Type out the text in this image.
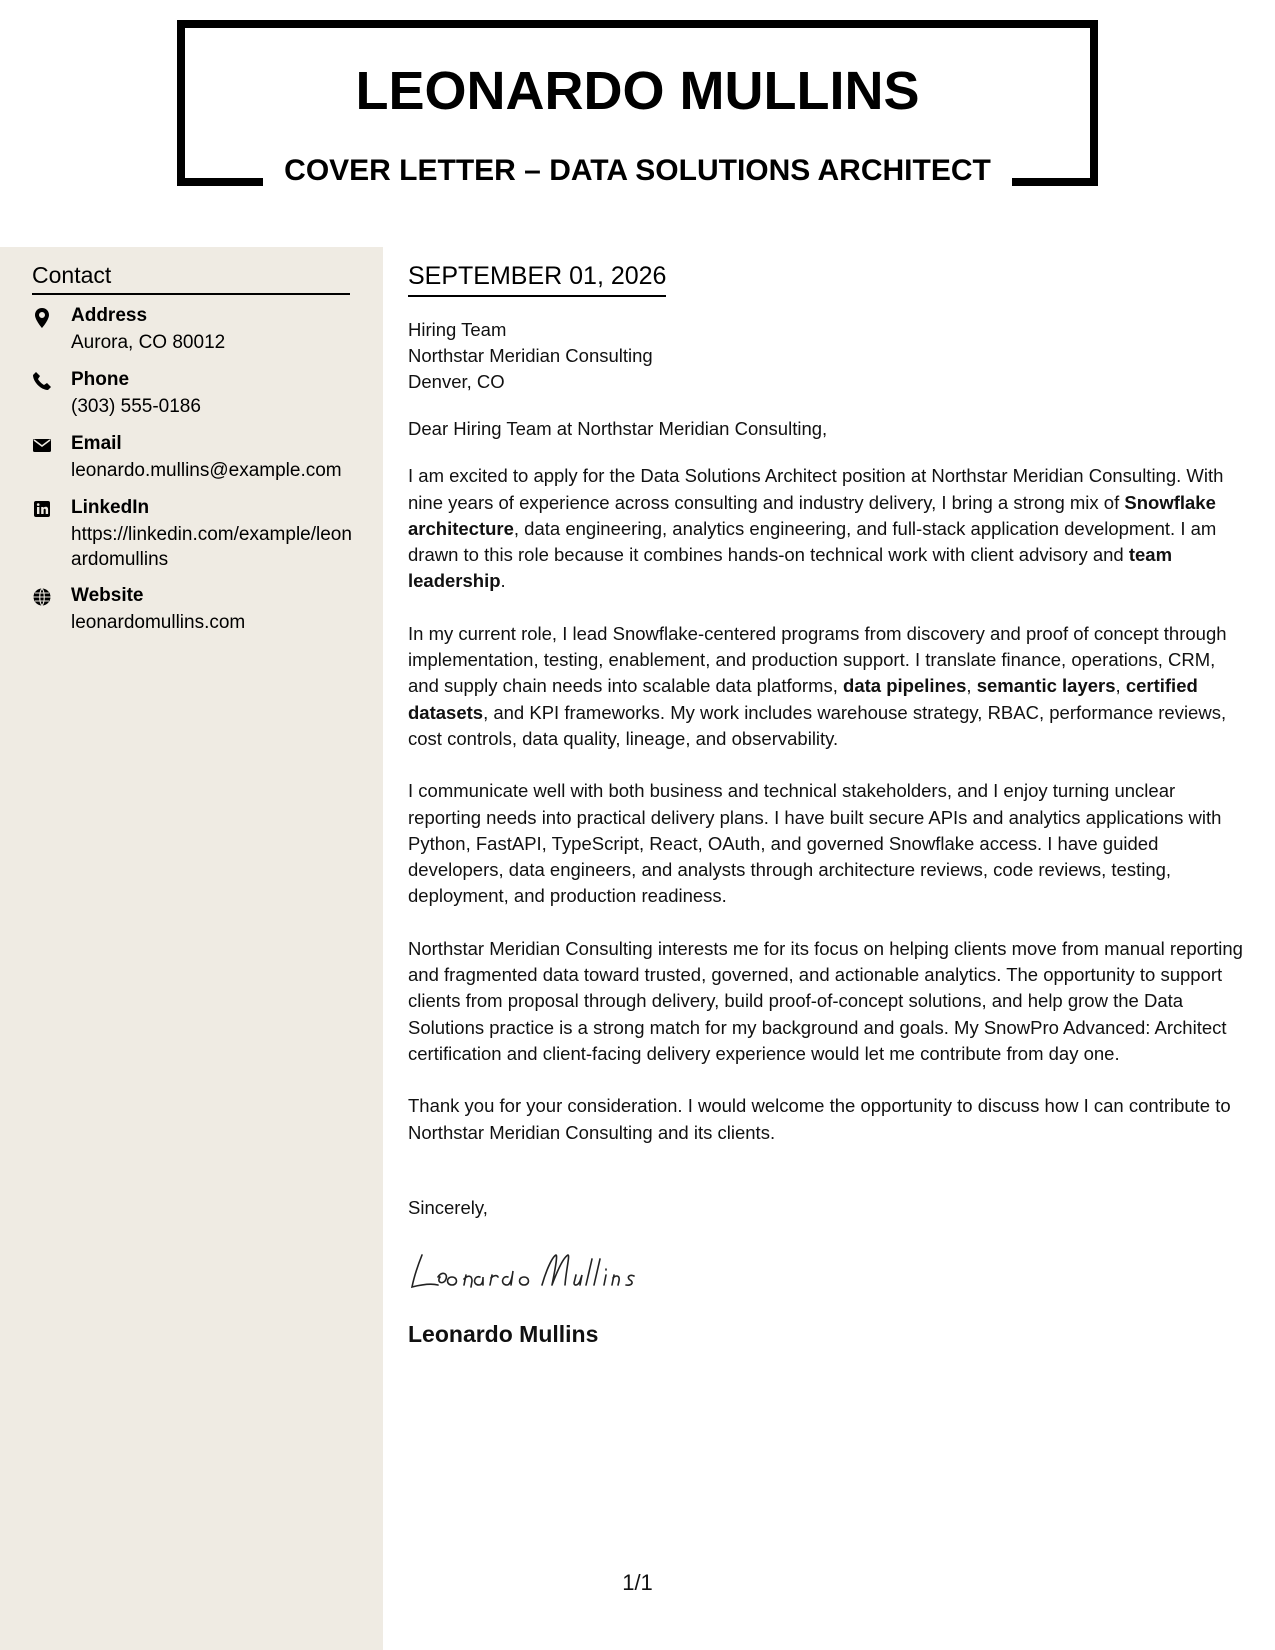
LEONARDO MULLINS
COVER LETTER – DATA SOLUTIONS ARCHITECT
Contact
Address
Aurora, CO 80012
Phone
(303) 555-0186
Email
leonardo.mullins@example.com
LinkedIn
https://linkedin.com/example/leonardomullins
Website
leonardomullins.com
SEPTEMBER 01, 2026
Hiring Team
Northstar Meridian Consulting
Denver, CO

Dear Hiring Team at Northstar Meridian Consulting,

I am excited to apply for the Data Solutions Architect position at Northstar Meridian Consulting. With nine years of experience across consulting and industry delivery, I bring a strong mix of Snowflake architecture, data engineering, analytics engineering, and full-stack application development. I am drawn to this role because it combines hands-on technical work with client advisory and team leadership.

In my current role, I lead Snowflake-centered programs from discovery and proof of concept through implementation, testing, enablement, and production support. I translate finance, operations, CRM, and supply chain needs into scalable data platforms, data pipelines, semantic layers, certified datasets, and KPI frameworks. My work includes warehouse strategy, RBAC, performance reviews, cost controls, data quality, lineage, and observability.

I communicate well with both business and technical stakeholders, and I enjoy turning unclear reporting needs into practical delivery plans. I have built secure APIs and analytics applications with Python, FastAPI, TypeScript, React, OAuth, and governed Snowflake access. I have guided developers, data engineers, and analysts through architecture reviews, code reviews, testing, deployment, and production readiness.

Northstar Meridian Consulting interests me for its focus on helping clients move from manual reporting and fragmented data toward trusted, governed, and actionable analytics. The opportunity to support clients from proposal through delivery, build proof-of-concept solutions, and help grow the Data Solutions practice is a strong match for my background and goals. My SnowPro Advanced: Architect certification and client-facing delivery experience would let me contribute from day one.

Thank you for your consideration. I would welcome the opportunity to discuss how I can contribute to Northstar Meridian Consulting and its clients.

Sincerely,
Leonardo Mullins
1/1
